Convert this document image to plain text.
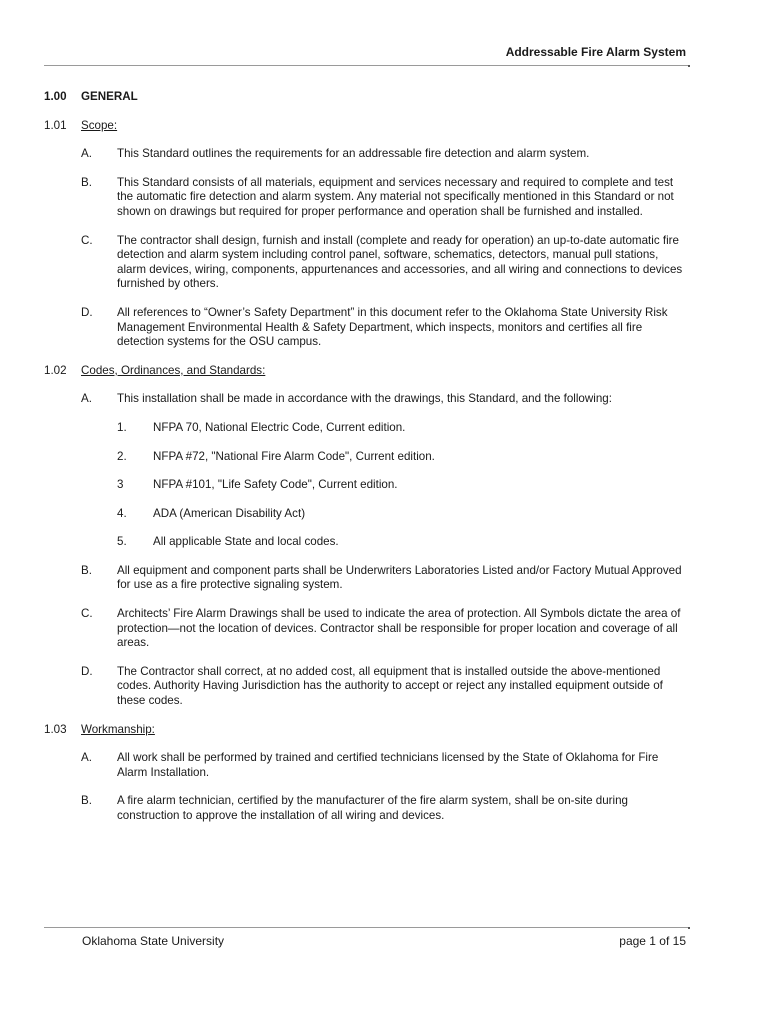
Addressable Fire Alarm System

1.00 GENERAL

1.01 Scope:

A.	This Standard outlines the requirements for an addressable fire detection and alarm system.
B.	This Standard consists of all materials, equipment and services necessary and required to complete and test the automatic fire detection and alarm system. Any material not specifically mentioned in this Standard or not shown on drawings but required for proper performance and operation shall be furnished and installed.
C.	The contractor shall design, furnish and install (complete and ready for operation) an up-to-date automatic fire detection and alarm system including control panel, software, schematics, detectors, manual pull stations, alarm devices, wiring, components, appurtenances and accessories, and all wiring and connections to devices furnished by others.
D.	All references to “Owner’s Safety Department” in this document refer to the Oklahoma State University Risk Management Environmental Health & Safety Department, which inspects, monitors and certifies all fire detection systems for the OSU campus.

1.02 Codes, Ordinances, and Standards:

A.	This installation shall be made in accordance with the drawings, this Standard, and the following:
1.	NFPA 70, National Electric Code, Current edition.
2.	NFPA #72, "National Fire Alarm Code", Current edition.
3	NFPA #101, "Life Safety Code", Current edition.
4.	ADA (American Disability Act)
5.	All applicable State and local codes.
B.	All equipment and component parts shall be Underwriters Laboratories Listed and/or Factory Mutual Approved for use as a fire protective signaling system.
C.	Architects’ Fire Alarm Drawings shall be used to indicate the area of protection. All Symbols dictate the area of protection—not the location of devices. Contractor shall be responsible for proper location and coverage of all areas.
D.	The Contractor shall correct, at no added cost, all equipment that is installed outside the above-mentioned codes. Authority Having Jurisdiction has the authority to accept or reject any installed equipment outside of these codes.

1.03 Workmanship:

A.	All work shall be performed by trained and certified technicians licensed by the State of Oklahoma for Fire Alarm Installation.
B.	A fire alarm technician, certified by the manufacturer of the fire alarm system, shall be on-site during construction to approve the installation of all wiring and devices.
Oklahoma State University	page 1 of 15
